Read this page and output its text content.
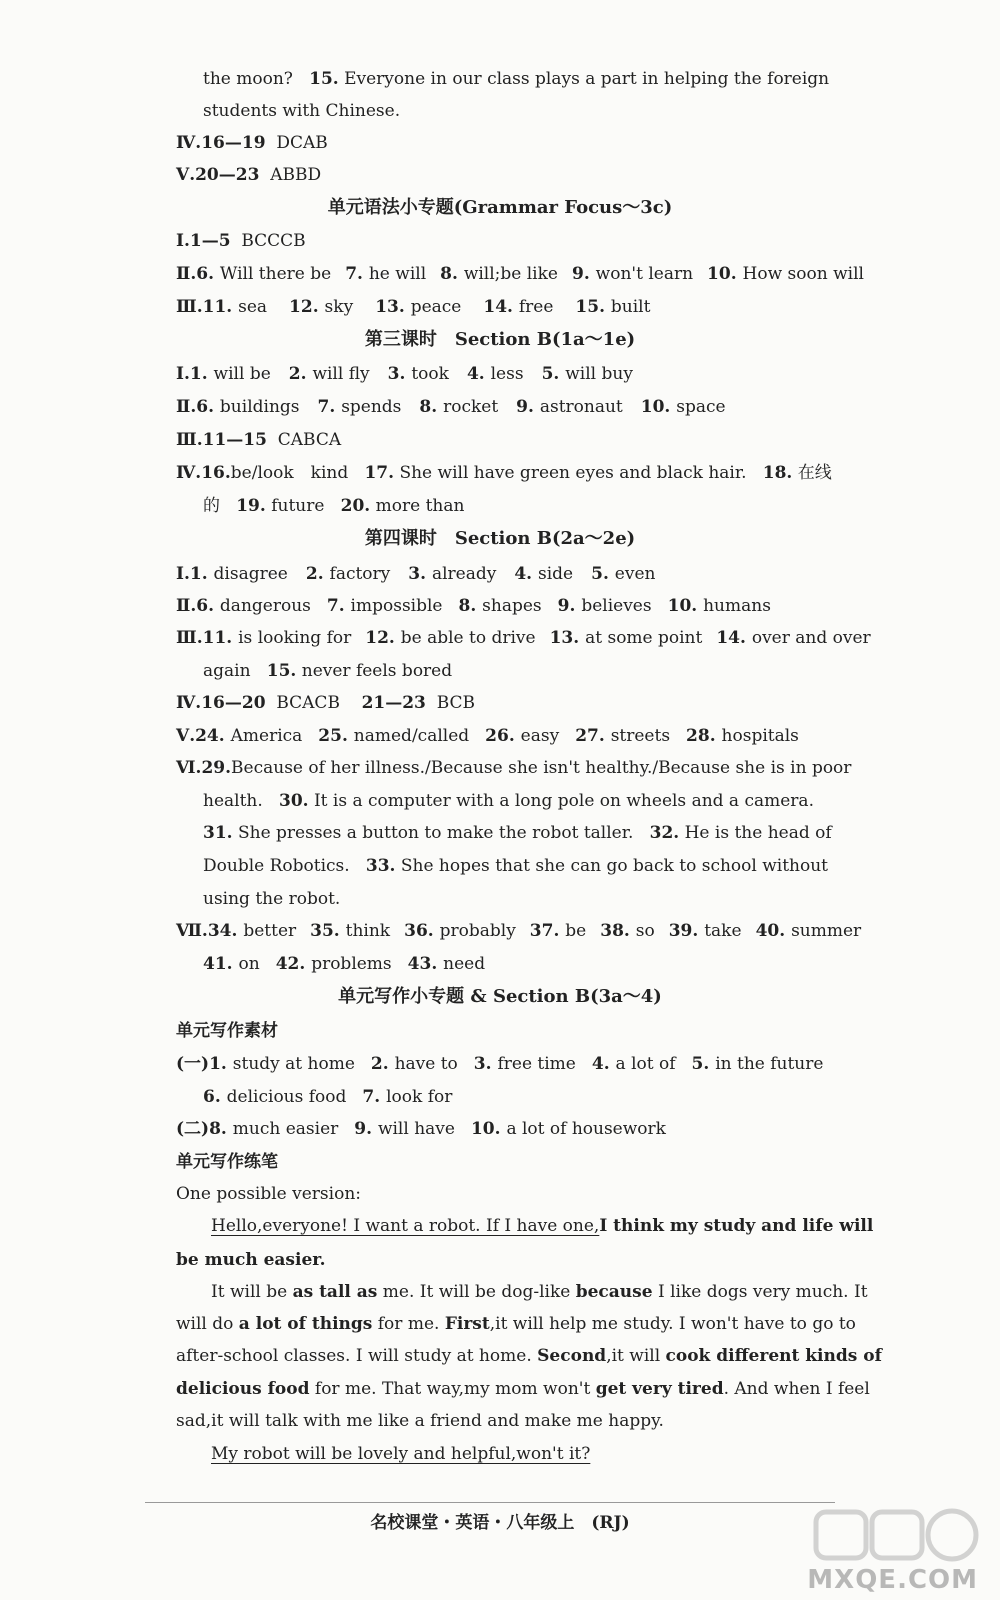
the moon? 15. Everyone in our class plays a part in helping the foreign
students with Chinese.
Ⅳ.16—19 DCAB
Ⅴ.20—23 ABBD
单元语法小专题(Grammar Focus～3c)
Ⅰ.1—5 BCCCB
Ⅱ.6. Will there be 7. he will 8. will;be like 9. won't learn 10. How soon will
Ⅲ.11. sea 12. sky 13. peace 14. free 15. built
第三课时　Section B(1a～1e)
Ⅰ.1. will be 2. will fly 3. took 4. less 5. will buy
Ⅱ.6. buildings 7. spends 8. rocket 9. astronaut 10. space
Ⅲ.11—15 CABCA
Ⅳ.16.be/look　kind 17. She will have green eyes and black hair. 18. 在线
的 19. future 20. more than
第四课时　Section B(2a～2e)
Ⅰ.1. disagree 2. factory 3. already 4. side 5. even
Ⅱ.6. dangerous 7. impossible 8. shapes 9. believes 10. humans
Ⅲ.11. is looking for 12. be able to drive 13. at some point 14. over and over
again 15. never feels bored
Ⅳ.16—20 BCACB 21—23 BCB
Ⅴ.24. America 25. named/called 26. easy 27. streets 28. hospitals
Ⅵ.29.Because of her illness./Because she isn't healthy./Because she is in poor
health. 30. It is a computer with a long pole on wheels and a camera.
31. She presses a button to make the robot taller. 32. He is the head of
Double Robotics. 33. She hopes that she can go back to school without
using the robot.
Ⅶ.34. better 35. think 36. probably 37. be 38. so 39. take 40. summer
41. on 42. problems 43. need
单元写作小专题 & Section B(3a～4)
单元写作素材
(一)1. study at home 2. have to 3. free time 4. a lot of 5. in the future
6. delicious food 7. look for
(二)8. much easier 9. will have 10. a lot of housework
单元写作练笔
One possible version:
Hello,everyone! I want a robot. If I have one,I think my study and life will
be much easier.
It will be as tall as me. It will be dog-like because I like dogs very much. It
will do a lot of things for me. First,it will help me study. I won't have to go to
after-school classes. I will study at home. Second,it will cook different kinds of
delicious food for me. That way,my mom won't get very tired. And when I feel
sad,it will talk with me like a friend and make me happy.
My robot will be lovely and helpful,won't it?
名校课堂・英语・八年级上　(RJ)
MXQE.COM
